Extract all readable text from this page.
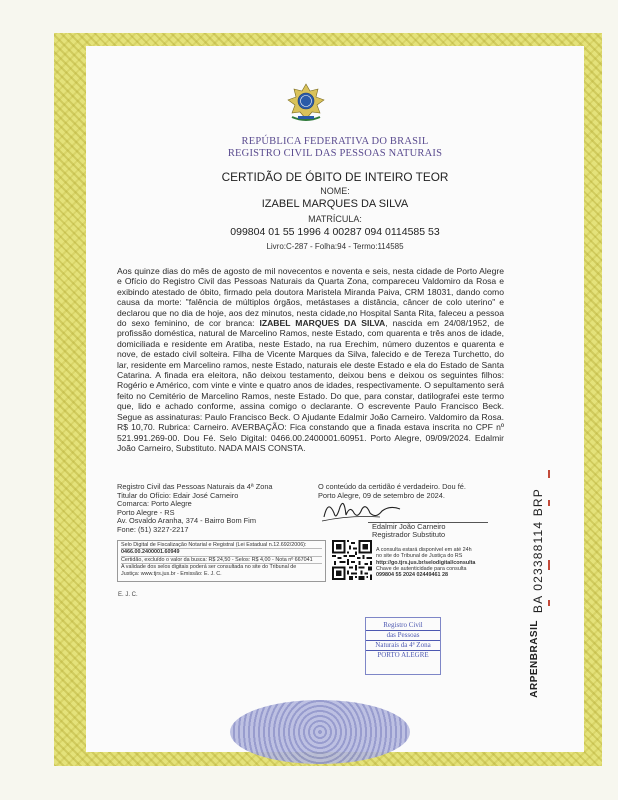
REPÚBLICA FEDERATIVA DO BRASIL
REGISTRO CIVIL DAS PESSOAS NATURAIS
CERTIDÃO DE ÓBITO DE INTEIRO TEOR
NOME:
IZABEL MARQUES DA SILVA
MATRÍCULA:
099804 01 55 1996 4 00287 094 0114585 53
Livro:C-287 - Folha:94 - Termo:114585
Aos quinze dias do mês de agosto de mil novecentos e noventa e seis, nesta cidade de Porto Alegre e Ofício do Registro Civil das Pessoas Naturais da Quarta Zona, compareceu Valdomiro da Rosa e exibindo atestado de óbito, firmado pela doutora Maristela Miranda Paiva, CRM 18031, dando como causa da morte: "falência de múltiplos órgãos, metástases a distância, câncer de colo uterino" e declarou que no dia de hoje, aos dez minutos, nesta cidade,no Hospital Santa Rita, faleceu a pessoa do sexo feminino, de cor branca: IZABEL MARQUES DA SILVA, nascida em 24/08/1952, de profissão doméstica, natural de Marcelino Ramos, neste Estado, com quarenta e três anos de idade, domiciliada e residente em Aratiba, neste Estado, na rua Erechim, número duzentos e quarenta e nove, de estado civil solteira. Filha de Vicente Marques da Silva, falecido e de Tereza Turchetto, do lar, residente em Marcelino ramos, neste Estado, naturais ele deste Estado e ela do Estado de Santa Catarina. A finada era eleitora, não deixou testamento, deixou bens e deixou os seguintes filhos: Rogério e Américo, com vinte e vinte e quatro anos de idades, respectivamente. O sepultamento será feito no Cemitério de Marcelino Ramos, neste Estado. Do que, para constar, datilografei este termo que, lido e achado conforme, assina comigo o declarante. O escrevente Paulo Francisco Beck. Segue as assinaturas: Paulo Francisco Beck. O Ajudante Edalmir João Carneiro. Valdomiro da Rosa. R$ 10,70. Rubrica: Carneiro. AVERBAÇÃO: Fica constando que a finada estava inscrita no CPF nº 521.991.269-00. Dou Fé. Selo Digital: 0466.00.2400001.60951. Porto Alegre, 09/09/2024. Edalmir João Carneiro, Substituto. NADA MAIS CONSTA.
Registro Civil das Pessoas Naturais da 4ª Zona
Titular do Ofício: Edair José Carneiro
Comarca: Porto Alegre
Porto Alegre - RS
Av. Osvaldo Aranha, 374 - Bairro Bom Fim
Fone: (51) 3227-2217
O conteúdo da certidão é verdadeiro. Dou fé.
Porto Alegre, 09 de setembro de 2024.
Edalmir João Carneiro
Registrador Substituto
Selo Digital de Fiscalização Notarial e Registral (Lei Estadual n.12.692/2006):
0466.00.2400001.60949
Certidão, excluído o valor da busca: R$ 24,50 - Selos: R$ 4,00 - Nota nº 667041
A validade dos selos digitais poderá ser consultada no site do Tribunal de
Justiça: www.tjrs.jus.br - Emissão: E. J. C.
A consulta estará disponível em até 24h
no site do Tribunal de Justiça do RS
http://go.tjrs.jus.br/selodigital/consulta
Chave de autenticidade para consulta
099804 55 2024 02449461 28
E. J. C.
Registro Civil
das Pessoas
Naturais da 4ª Zona
PORTO ALEGRE
BA 023388114 BRP
ARPENBRASIL
